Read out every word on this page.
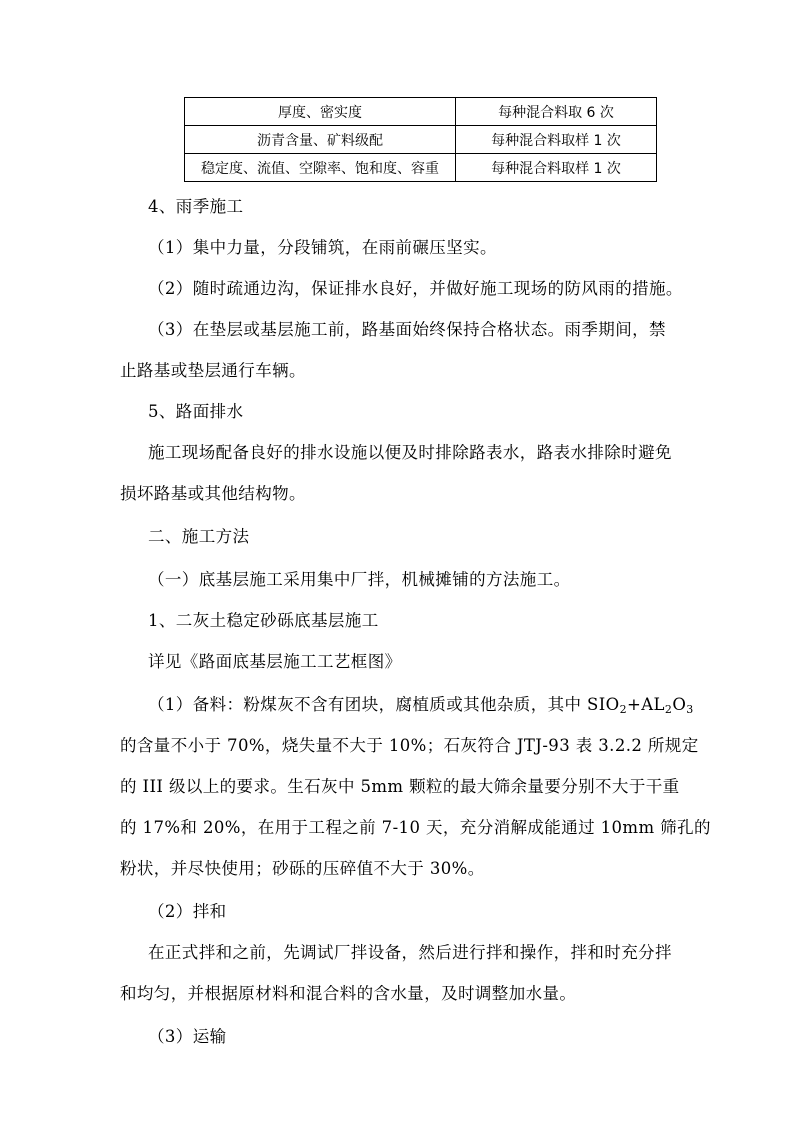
厚度、密实度	每种混合料取 6 次
沥青含量、矿料级配	每种混合料取样 1 次
稳定度、流值、空隙率、饱和度、容重	每种混合料取样 1 次
4、雨季施工
（1）集中力量，分段铺筑，在雨前碾压坚实。
（2）随时疏通边沟，保证排水良好，并做好施工现场的防风雨的措施。
（3）在垫层或基层施工前，路基面始终保持合格状态。雨季期间，禁
止路基或垫层通行车辆。
5、路面排水
施工现场配备良好的排水设施以便及时排除路表水，路表水排除时避免
损坏路基或其他结构物。
二、施工方法
（一）底基层施工采用集中厂拌，机械摊铺的方法施工。
1、二灰土稳定砂砾底基层施工
详见《路面底基层施工工艺框图》
（1）备料：粉煤灰不含有团块，腐植质或其他杂质，其中 $SIO_2+AL_2O_3$
的含量不小于 70%，烧失量不大于 10%；石灰符合 JTJ-93 表 3.2.2 所规定
的 III 级以上的要求。生石灰中 5mm 颗粒的最大筛余量要分别不大于干重
的 17%和 20%，在用于工程之前 7-10 天，充分消解成能通过 10mm 筛孔的
粉状，并尽快使用；砂砾的压碎值不大于 30%。
（2）拌和
在正式拌和之前，先调试厂拌设备，然后进行拌和操作，拌和时充分拌
和均匀，并根据原材料和混合料的含水量，及时调整加水量。
（3）运输
